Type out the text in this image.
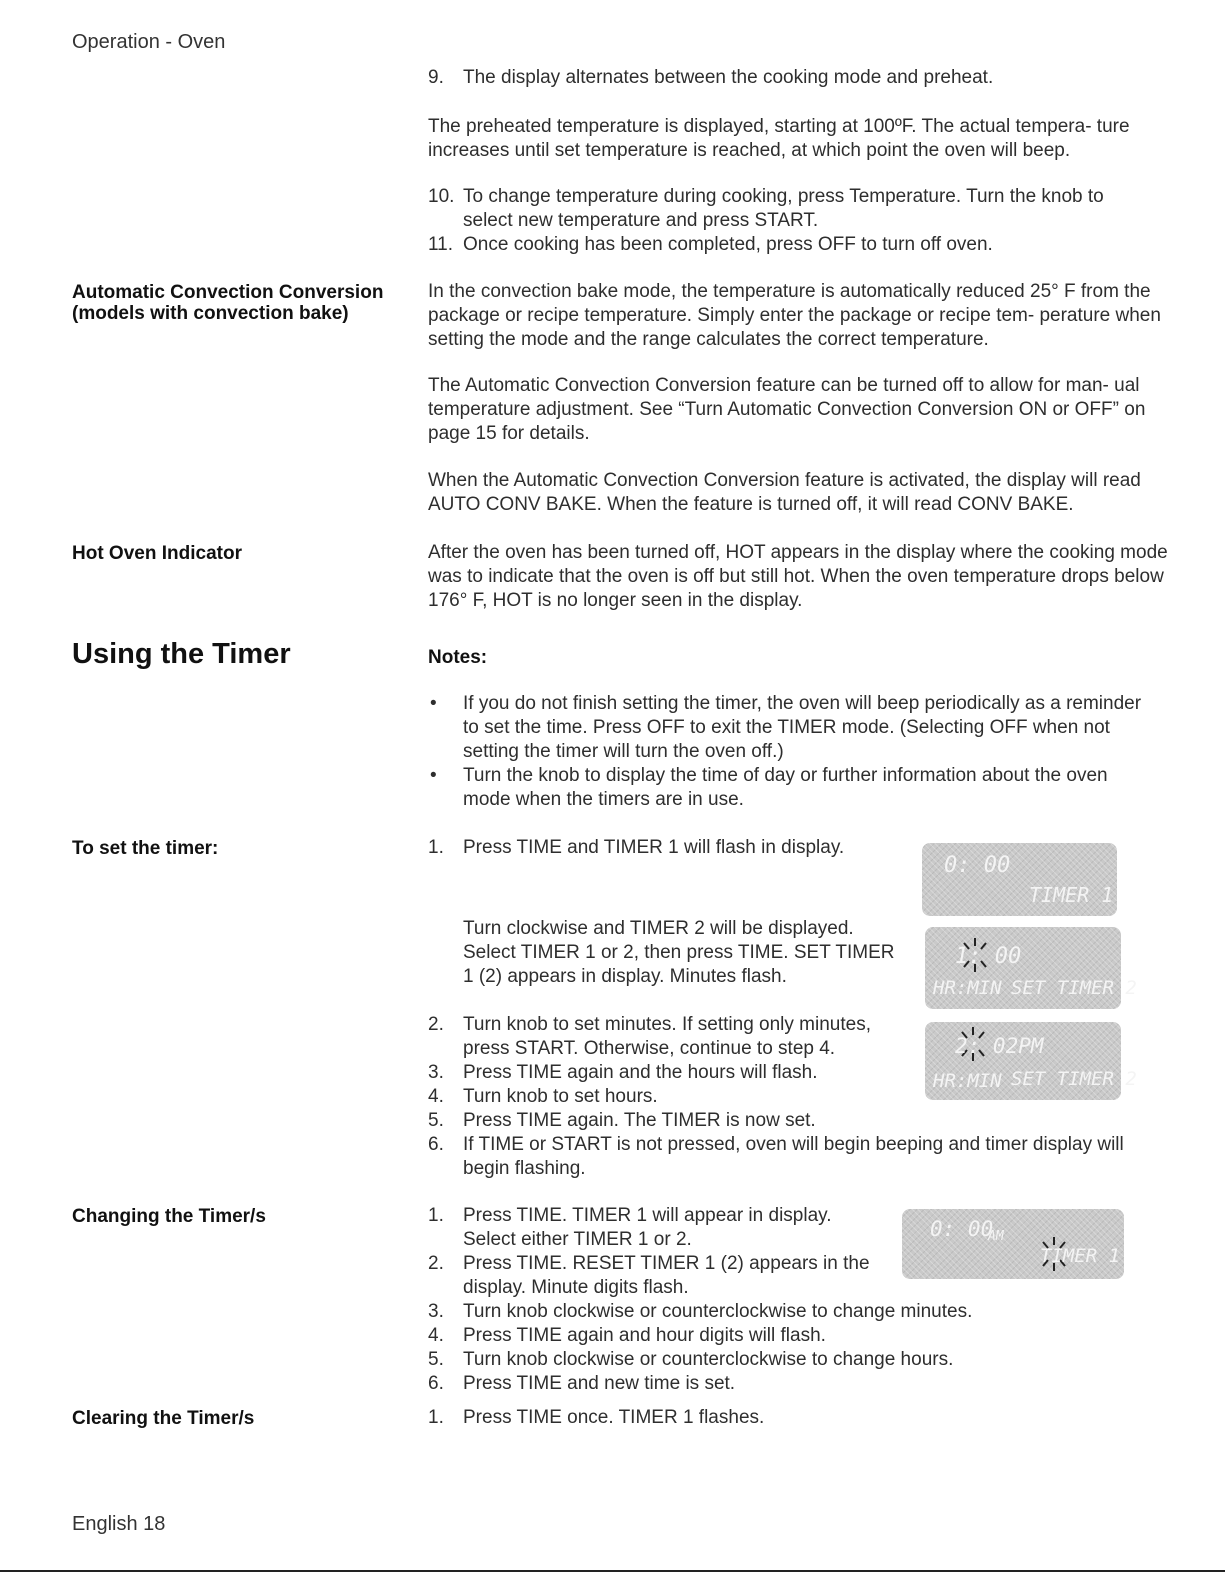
Operation - Oven
9. The display alternates between the cooking mode and preheat.
The preheated temperature is displayed, starting at 100ºF. The actual tempera- ture increases until set temperature is reached, at which point the oven will beep.
10. To change temperature during cooking, press Temperature. Turn the knob to select new temperature and press START.
11. Once cooking has been completed, press OFF to turn off oven.
Automatic Convection Conversion
(models with convection bake)
In the convection bake mode, the temperature is automatically reduced 25° F from the package or recipe temperature. Simply enter the package or recipe tem- perature when setting the mode and the range calculates the correct temperature.
The Automatic Convection Conversion feature can be turned off to allow for man- ual temperature adjustment. See “Turn Automatic Convection Conversion ON or OFF” on page 15 for details.
When the Automatic Convection Conversion feature is activated, the display will read AUTO CONV BAKE. When the feature is turned off, it will read CONV BAKE.
Hot Oven Indicator	After the oven has been turned off, HOT appears in the display where the cooking mode was to indicate that the oven is off but still hot. When the oven temperature drops below 176° F, HOT is no longer seen in the display.
Using the Timer	Notes:
• If you do not finish setting the timer, the oven will beep periodically as a reminder to set the time. Press OFF to exit the TIMER mode. (Selecting OFF when not setting the timer will turn the oven off.)
• Turn the knob to display the time of day or further information about the oven mode when the timers are in use.
To set the timer:	1. Press TIME and TIMER 1 will flash in display.
Turn clockwise and TIMER 2 will be displayed. Select TIMER 1 or 2, then press TIME. SET TIMER 1 (2) appears in display. Minutes flash.
2. Turn knob to set minutes. If setting only minutes, press START. Otherwise, continue to step 4.
3. Press TIME again and the hours will flash.
4. Turn knob to set hours.
5. Press TIME again. The TIMER is now set.
6. If TIME or START is not pressed, oven will begin beeping and timer display will begin flashing.
0: 00
TIMER 1
1: 00
HR:MIN SET TIMER 2
2: 02PM
HR:MIN SET TIMER 2
Changing the Timer/s	1. Press TIME. TIMER 1 will appear in display. Select either TIMER 1 or 2.
2. Press TIME. RESET TIMER 1 (2) appears in the display. Minute digits flash.
3. Turn knob clockwise or counterclockwise to change minutes.
4. Press TIME again and hour digits will flash.
5. Turn knob clockwise or counterclockwise to change hours.
6. Press TIME and new time is set.
0: 00
AM
TIMER 1
Clearing the Timer/s	1. Press TIME once. TIMER 1 flashes.
English 18
